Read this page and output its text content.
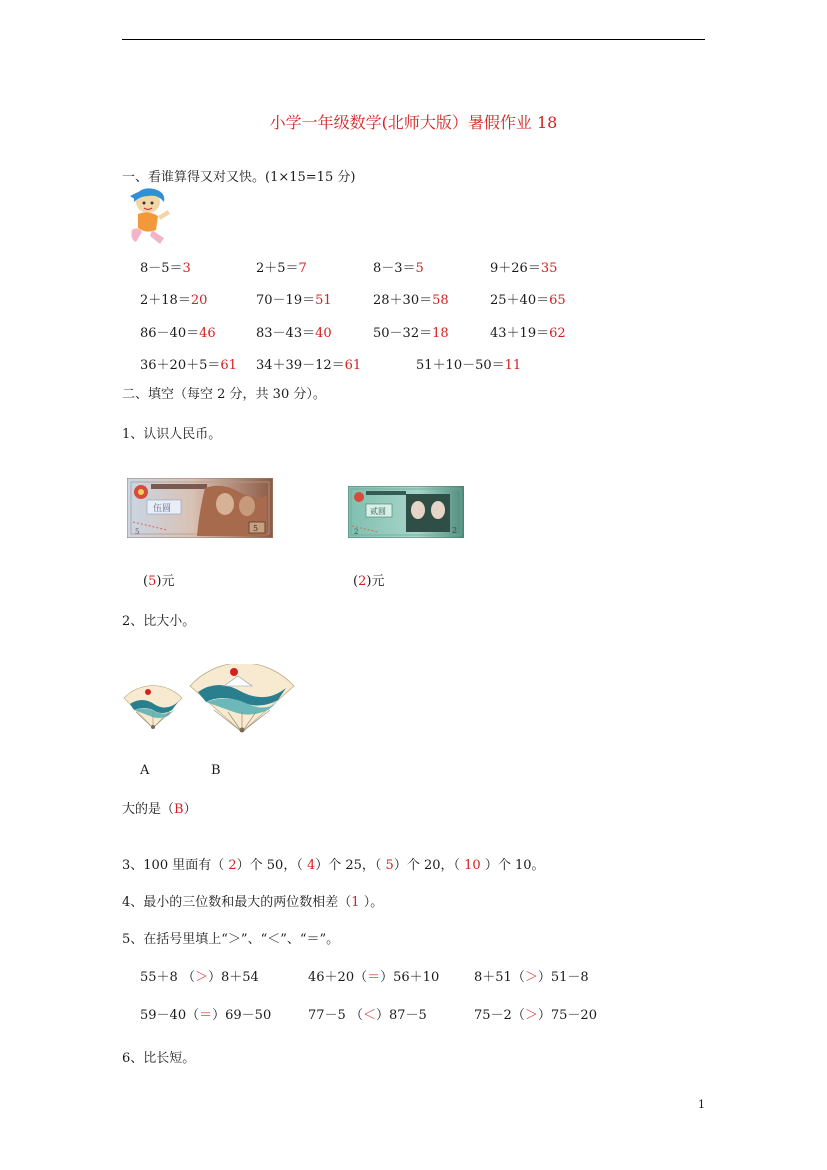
小学一年级数学(北师大版）暑假作业 18
一、看谁算得又对又快。(1×15=15 分)
8－5＝3	2＋5＝7	8－3＝5	9＋26＝35
2＋18＝20	70－19＝51	28＋30＝58	25＋40＝65
86－40＝46	83－43＝40	50－32＝18	43＋19＝62
36＋20＋5＝61 34＋39－12＝61	51＋10－50＝11
二、填空（每空 2 分，共 30 分）。
1、认识人民币。
伍圆
5	5
贰圆
2	2
(5)元	(2)元
2、比大小。
A	B
大的是（B）
3、100 里面有（ 2）个 50，（ 4）个 25，（ 5）个 20，（ 10 ）个 10。
4、最小的三位数和最大的两位数相差（1 ）。
5、在括号里填上“＞”、“＜”、“＝”。
55＋8 （＞）8＋54	46＋20（＝）56＋10	8＋51（＞）51－8
59－40（＝）69－50	77－5 （＜）87－5	75－2（＞）75－20
6、比长短。
1
